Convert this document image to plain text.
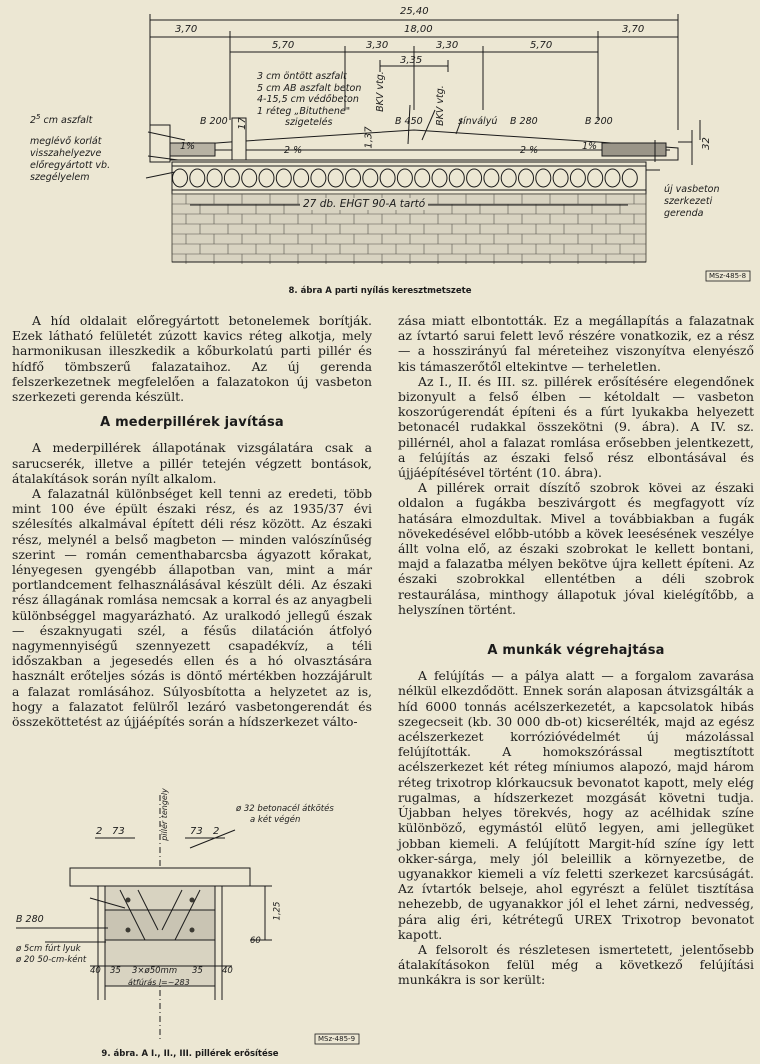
25,40
3,70	18,00	3,70
5,70	3,30	3,30	5,70
3,35
17
32
1,37
3 cm öntött aszfalt
5 cm AB aszfalt beton
4-15,5 cm védőbeton
1 réteg „Bituthene"
szigetelés
BKV vtg.	BKV vtg. sínvályú
$2^5$ cm aszfalt
meglévő korlát
visszahelyezve
előregyártott vb.
szegélyelem
B 200	B 450	B 280	B 200
1%	2 %	2 %	1%
27 db. EHGT 90-A tartó
új vasbeton
szerkezeti
gerenda
MSz-485-8
8. ábra A parti nyílás keresztmetszete

A híd oldalait előregyártott betonelemek borítják. Ezek látható felületét zúzott kavics réteg alkotja, mely harmonikusan illeszkedik a kőburkolatú parti pillér és hídfő tömbszerű falazataihoz. Az új gerenda felszerkezetnek megfelelően a falazatokon új vasbeton szerkezeti gerenda készült.

A mederpillérek javítása

A mederpillérek állapotának vizsgálatára csak a sarucserék, illetve a pillér tetején végzett bontások, átalakítások során nyílt alkalom.

A falazatnál különbséget kell tenni az eredeti, több mint 100 éve épült északi rész, és az 1935/37 évi szélesítés alkalmával épített déli rész között. Az északi rész, melynél a belső magbeton — minden valószínűség szerint — román cementhabarcsba ágyazott kőrakat, lényegesen gyengébb állapotban van, mint a már portlandcement felhasználásával készült déli. Az északi rész állagának romlása nemcsak a korral és az anyagbeli különbséggel magyarázható. Az uralkodó jellegű észak — északnyugati szél, a fésűs dilatáción átfolyó nagymennyiségű szennyezett csapadékvíz, a téli időszakban a jegesedés ellen és a hó olvasztására használt erőteljes sózás is döntő mértékben hozzájárult a falazat romlásához. Súlyosbította a helyzetet az is, hogy a falazatot felülről lezáró vasbetongerendát és összeköttetést az újjáépítés során a hídszerkezet válto-

zása miatt elbontották. Ez a megállapítás a falazatnak az ívtartó sarui felett levő részére vonatkozik, ez a rész — a hosszirányú fal méreteihez viszonyítva elenyésző kis támaszerőtől eltekintve — terheletlen.

Az I., II. és III. sz. pillérek erősítésére elegendőnek bizonyult a felső élben — kétoldalt — vasbeton koszorúgerendát építeni és a fúrt lyukakba helyezett betonacél rudakkal összekötni (9. ábra). A IV. sz. pillérnél, ahol a falazat romlása erősebben jelentkezett, a felújítás az északi felső rész elbontásával és újjáépítésével történt (10. ábra).

A pillérek orrait díszítő szobrok kövei az északi oldalon a fugákba beszivárgott és megfagyott víz hatására elmozdultak. Mivel a továbbiakban a fugák növekedésével előbb-utóbb a kövek leesésének veszélye állt volna elő, az északi szobrokat le kellett bontani, majd a falazatba mélyen bekötve újra kellett építeni. Az északi szobrokkal ellentétben a déli szobrok restaurálása, minthogy állapotuk jóval kielégítőbb, a helyszínen történt.

A munkák végrehajtása

A felújítás — a pálya alatt — a forgalom zavarása nélkül elkezdődött. Ennek során alaposan átvizsgálták a híd 6000 tonnás acélszerkezetét, a kapcsolatok hibás szegecseit (kb. 30 000 db-ot) kicserélték, majd az egész acélszerkezet korrózióvédelmét új mázolással felújították. A homokszórással megtisztított acélszerkezet két réteg míniumos alapozó, majd három réteg trixotrop klórkaucsuk bevonatot kapott, mely elég rugalmas, a hídszerkezet mozgását követni tudja. Újabban helyes törekvés, hogy az acélhidak színe különböző, egymástól elütő legyen, ami jellegüket jobban kiemeli. A felújított Margit-híd színe így lett okker-sárga, mely jól beleillik a környezetbe, de ugyanakkor kiemeli a víz feletti szerkezet karcsúságát. Az ívtartók belseje, ahol egyrészt a felület tisztítása nehezebb, de ugyanakkor jól el lehet zárni, nedvesség, pára alig éri, kétrétegű UREX Trixotrop bevonatot kapott.

A felsorolt és részletesen ismertetett, jelentősebb átalakításokon felül még a következő felújítási munkákra is sor került:

2 73	73 2
pillér tengely	ø 32 betonacél átkötés
a két végén
B 280
ø 5cm fúrt lyuk
ø 20 50-cm-ként
1,25
60
40 35 3×ø50mm 35 40
átfúrás l=~283
MSz-485-9
9. ábra. A I., II., III. pillérek erősítése
